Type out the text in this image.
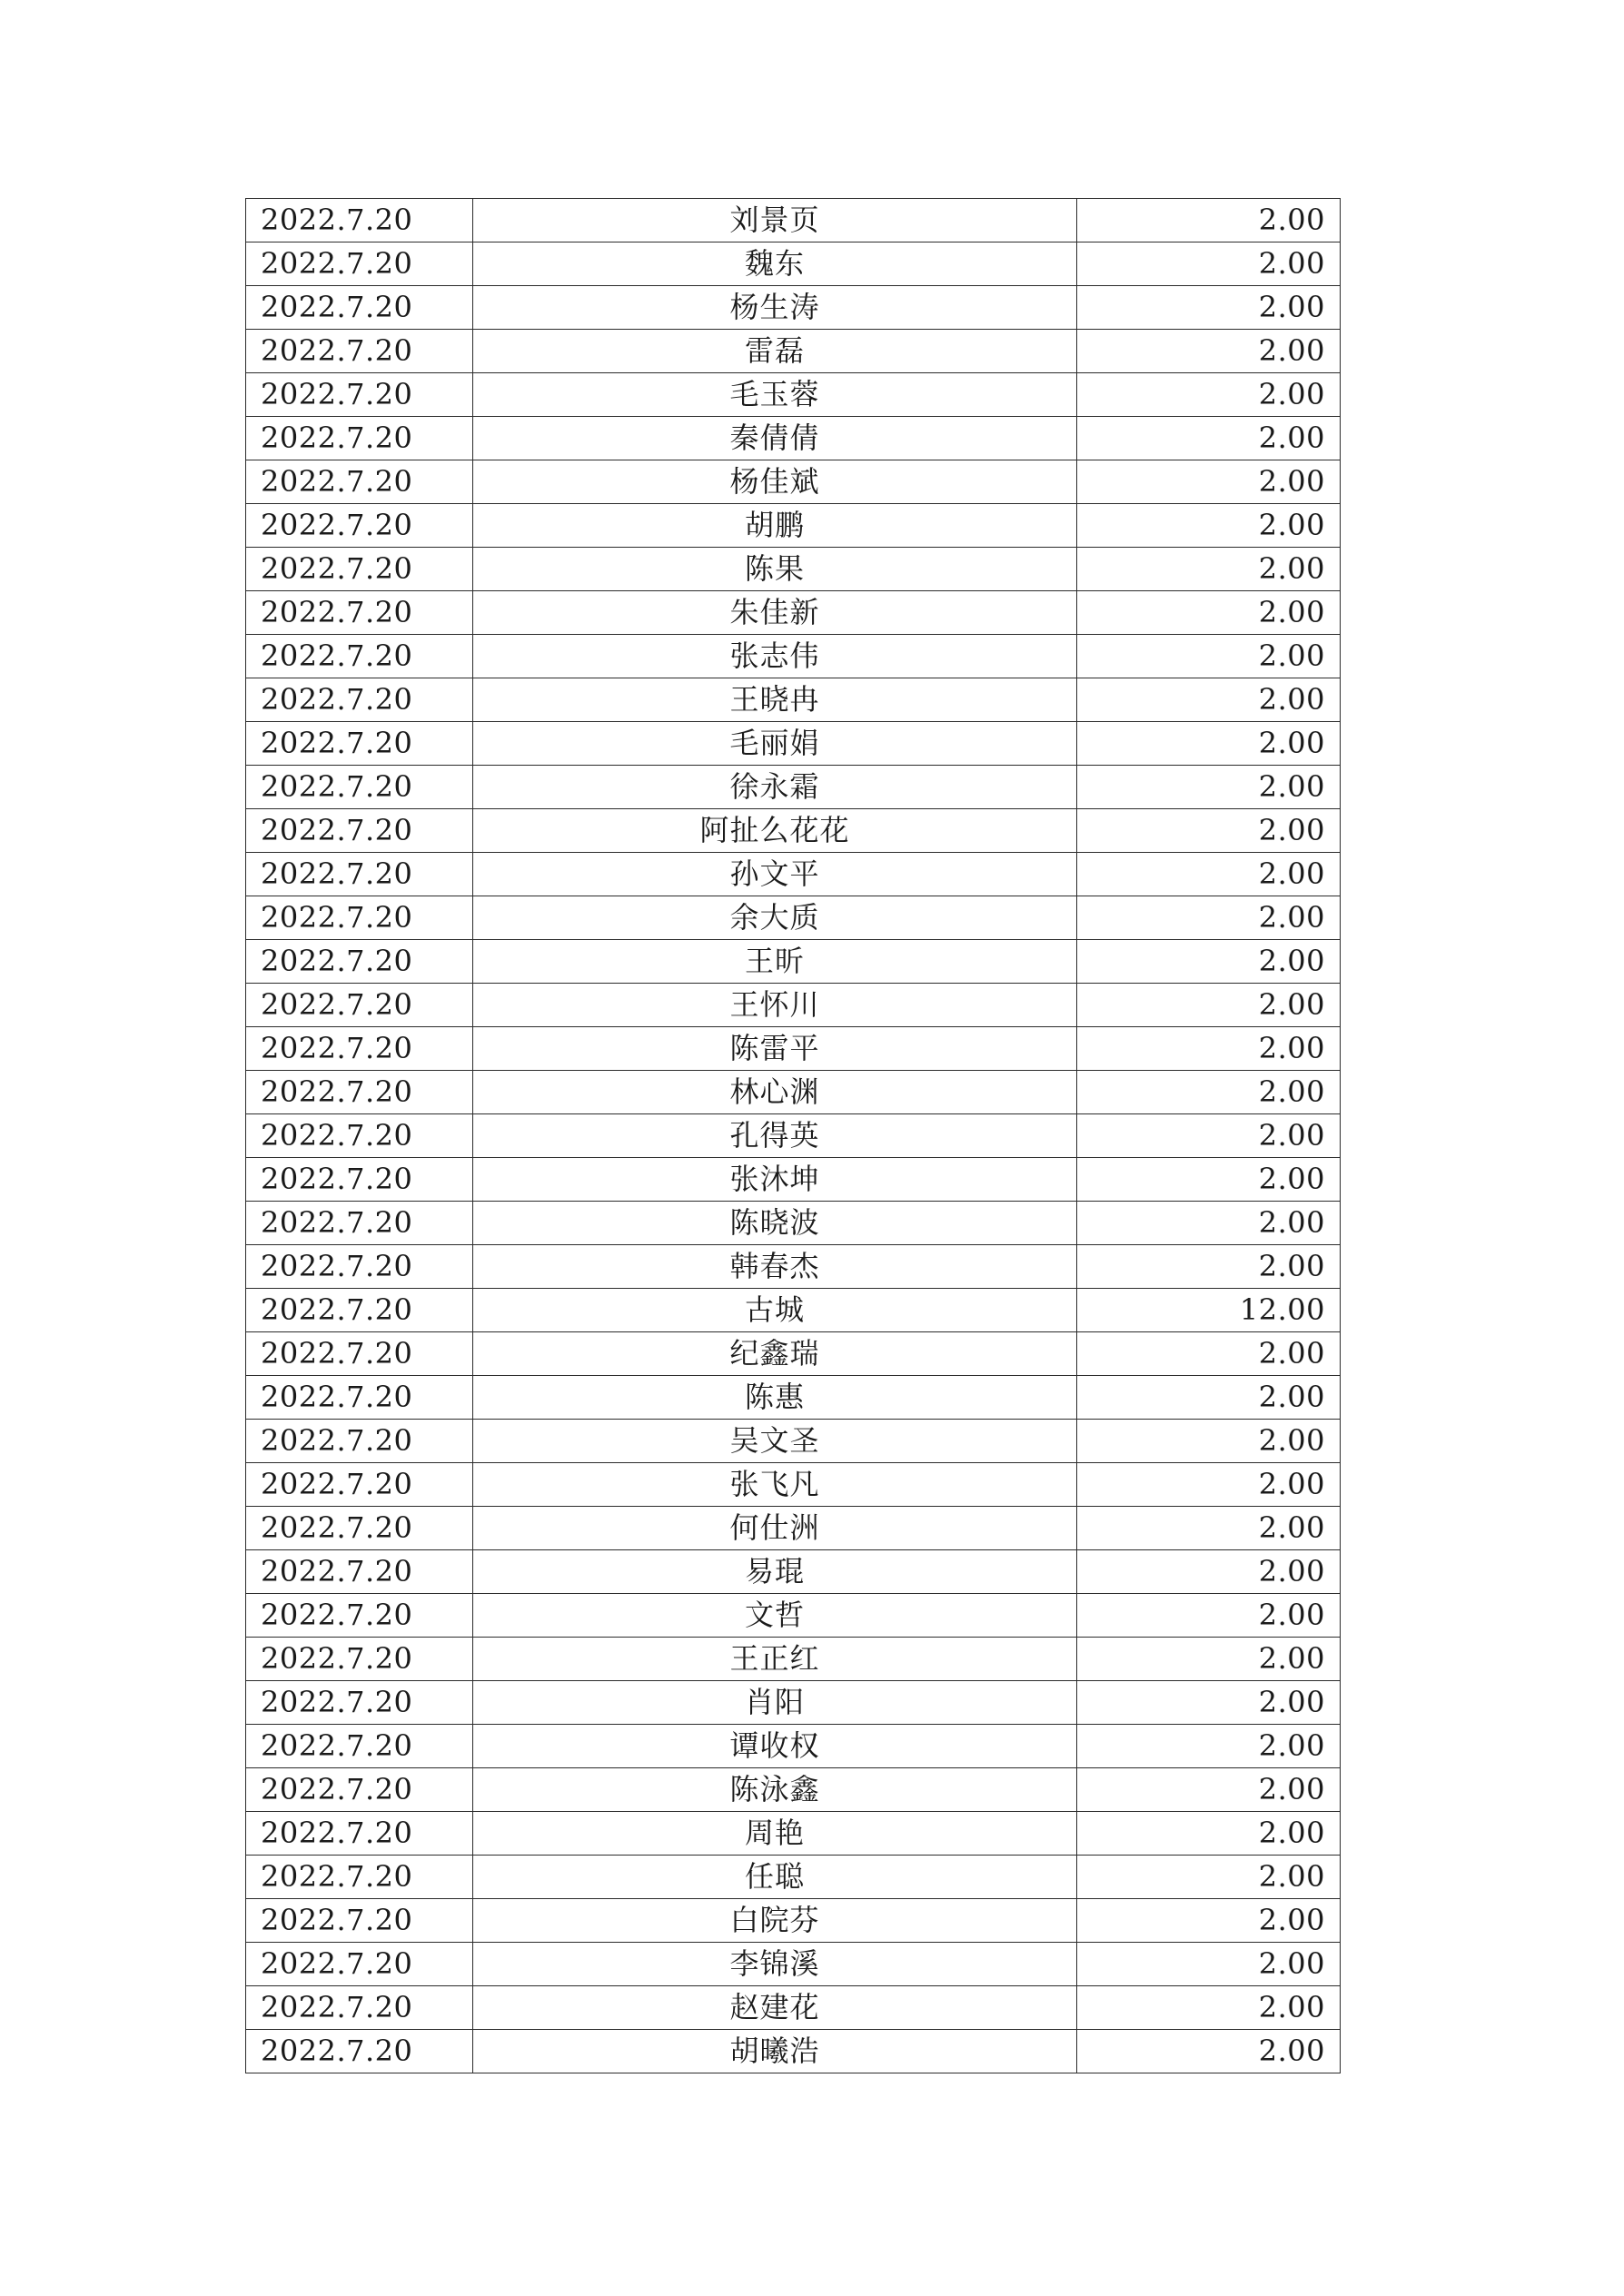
2022.7.20	刘景页	2.00
2022.7.20	魏东	2.00
2022.7.20	杨生涛	2.00
2022.7.20	雷磊	2.00
2022.7.20	毛玉蓉	2.00
2022.7.20	秦倩倩	2.00
2022.7.20	杨佳斌	2.00
2022.7.20	胡鹏	2.00
2022.7.20	陈果	2.00
2022.7.20	朱佳新	2.00
2022.7.20	张志伟	2.00
2022.7.20	王晓冉	2.00
2022.7.20	毛丽娟	2.00
2022.7.20	徐永霜	2.00
2022.7.20	阿扯么花花	2.00
2022.7.20	孙文平	2.00
2022.7.20	余大质	2.00
2022.7.20	王昕	2.00
2022.7.20	王怀川	2.00
2022.7.20	陈雷平	2.00
2022.7.20	林心渊	2.00
2022.7.20	孔得英	2.00
2022.7.20	张沐坤	2.00
2022.7.20	陈晓波	2.00
2022.7.20	韩春杰	2.00
2022.7.20	古城	12.00
2022.7.20	纪鑫瑞	2.00
2022.7.20	陈惠	2.00
2022.7.20	吴文圣	2.00
2022.7.20	张飞凡	2.00
2022.7.20	何仕洲	2.00
2022.7.20	易琨	2.00
2022.7.20	文哲	2.00
2022.7.20	王正红	2.00
2022.7.20	肖阳	2.00
2022.7.20	谭收权	2.00
2022.7.20	陈泳鑫	2.00
2022.7.20	周艳	2.00
2022.7.20	任聪	2.00
2022.7.20	白院芬	2.00
2022.7.20	李锦溪	2.00
2022.7.20	赵建花	2.00
2022.7.20	胡曦浩	2.00
